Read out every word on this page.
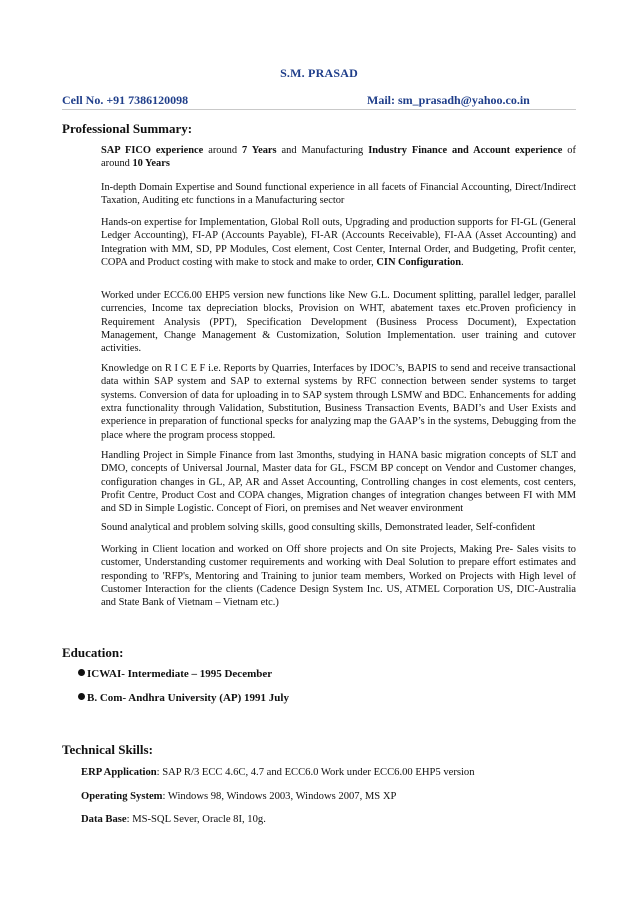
S.M. PRASAD
Cell No. +91 7386120098	Mail: sm_prasadh@yahoo.co.in
Professional Summary:

SAP FICO experience around 7 Years and Manufacturing Industry Finance and Account experience of around 10 Years

In-depth Domain Expertise and Sound functional experience in all facets of Financial Accounting, Direct/Indirect Taxation, Auditing etc functions in a Manufacturing sector

Hands-on expertise for Implementation, Global Roll outs, Upgrading and production supports for FI-GL (General Ledger Accounting), FI-AP (Accounts Payable), FI-AR (Accounts Receivable), FI-AA (Asset Accounting) and Integration with MM, SD, PP Modules, Cost element, Cost Center, Internal Order, and Budgeting, Profit center, COPA and Product costing with make to stock and make to order, CIN Configuration.

Worked under ECC6.00 EHP5 version new functions like New G.L. Document splitting, parallel ledger, parallel currencies, Income tax depreciation blocks, Provision on WHT, abatement taxes etc.Proven proficiency in Requirement Analysis (PPT), Specification Development (Business Process Document), Expectation Management, Change Management & Customization, Solution Implementation. user training and cutover activities.

Knowledge on R I C E F i.e. Reports by Quarries, Interfaces by IDOC’s, BAPIS to send and receive transactional data within SAP system and SAP to external systems by RFC connection between sender systems to target systems. Conversion of data for uploading in to SAP system through LSMW and BDC. Enhancements for adding extra functionality through Validation, Substitution, Business Transaction Events, BADI’s and User Exists and experience in preparation of functional specks for analyzing map the GAAP’s in the systems, Debugging from the place where the program process stopped.

Handling Project in Simple Finance from last 3months, studying in HANA basic migration concepts of SLT and DMO, concepts of Universal Journal, Master data for GL, FSCM BP concept on Vendor and Customer changes, configuration changes in GL, AP, AR and Asset Accounting, Controlling changes in cost elements, cost centers, Profit Centre, Product Cost and COPA changes, Migration changes of integration changes between FI with MM and SD in Simple Logistic. Concept of Fiori, on premises and Net weaver environment

Sound analytical and problem solving skills, good consulting skills, Demonstrated leader, Self-confident

Working in Client location and worked on Off shore projects and On site Projects, Making Pre- Sales visits to customer, Understanding customer requirements and working with Deal Solution to prepare effort estimates and responding to 'RFP's, Mentoring and Training to junior team members, Worked on Projects with High level of Customer Interaction for the clients (Cadence Design System Inc. US, ATMEL Corporation US, DIC-Australia and State Bank of Vietnam – Vietnam etc.)

Education:
ICWAI- Intermediate – 1995 December
B. Com- Andhra University (AP) 1991 July
Technical Skills:
ERP Application: SAP R/3 ECC 4.6C, 4.7 and ECC6.0 Work under ECC6.00 EHP5 version
Operating System: Windows 98, Windows 2003, Windows 2007, MS XP
Data Base: MS-SQL Sever, Oracle 8I, 10g.
